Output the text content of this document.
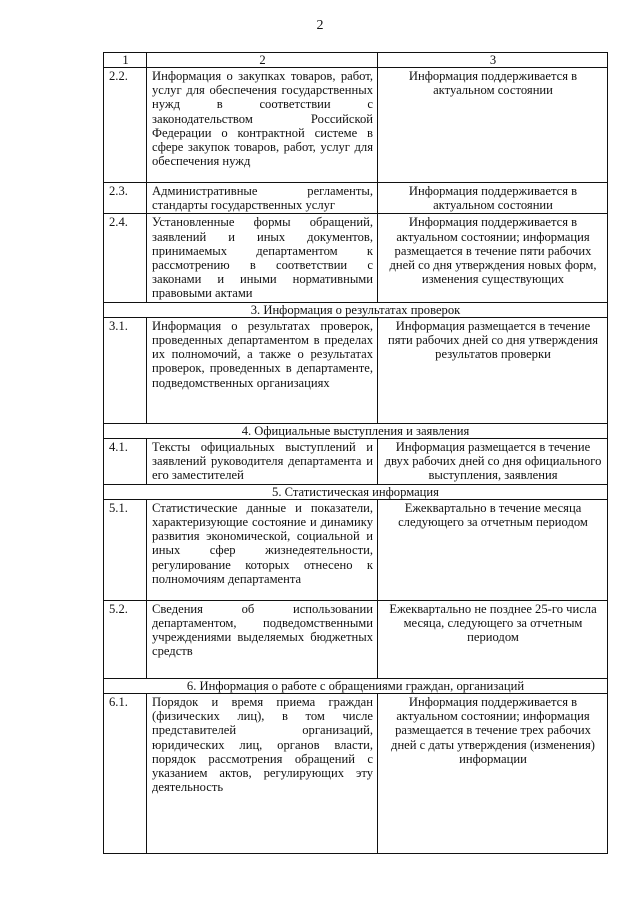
2
1	2	3
2.2.	Информация о закупках товаров, работ, услуг для обеспечения государственных нужд в соответствии с законодательством Российской Федерации о контрактной системе в сфере закупок товаров, работ, услуг для обеспечения нужд	Информация поддерживается в актуальном состоянии
2.3.	Административные регламенты, стандарты государственных услуг	Информация поддерживается в актуальном состоянии
2.4.	Установленные формы обращений, заявлений и иных документов, принимаемых департаментом к рассмотрению в соответствии с законами и иными нормативными правовыми актами	Информация поддерживается в актуальном состоянии; информация размещается в течение пяти рабочих дней со дня утверждения новых форм, изменения существующих
3. Информация о результатах проверок		
3.1.	Информация о результатах проверок, проведенных департаментом в пределах их полномочий, а также о результатах проверок, проведенных в департаменте, подведомственных организациях	Информация размещается в течение пяти рабочих дней со дня утверждения результатов проверки
4. Официальные выступления и заявления		
4.1.	Тексты официальных выступлений и заявлений руководителя департамента и его заместителей	Информация размещается в течение двух рабочих дней со дня официального выступления, заявления
5. Статистическая информация		
5.1.	Статистические данные и показатели, характеризующие состояние и динамику развития экономической, социальной и иных сфер жизнедеятельности, регулирование которых отнесено к полномочиям департамента	Ежеквартально в течение месяца следующего за отчетным периодом
5.2.	Сведения об использовании департаментом, подведомственными учреждениями выделяемых бюджетных средств	Ежеквартально не позднее 25-го числа месяца, следующего за отчетным периодом
6. Информация о работе с обращениями граждан, организаций		
6.1.	Порядок и время приема граждан (физических лиц), в том числе представителей организаций, юридических лиц, органов власти, порядок рассмотрения обращений с указанием актов, регулирующих эту деятельность	Информация поддерживается в актуальном состоянии; информация размещается в течение трех рабочих дней с даты утверждения (изменения) информации
